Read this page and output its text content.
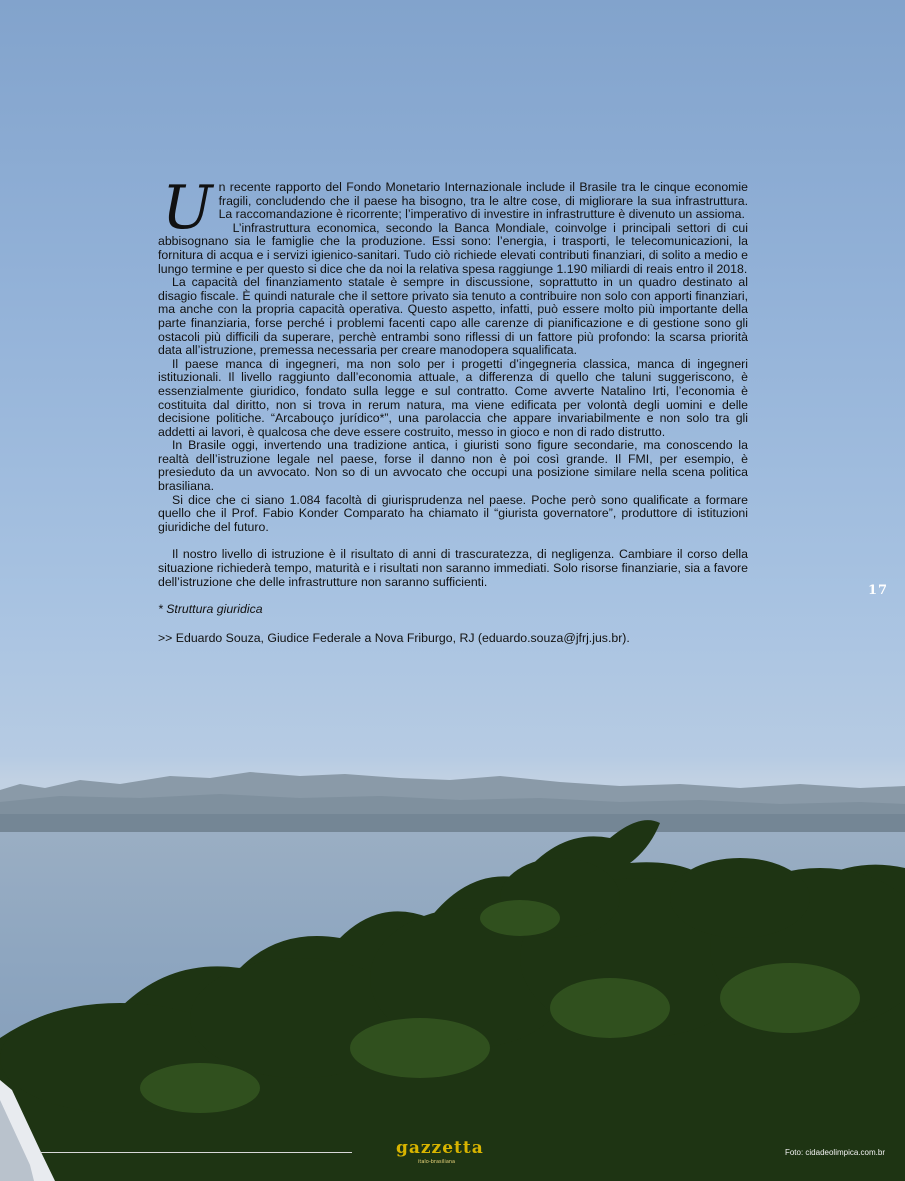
Un recente rapporto del Fondo Monetario Internazionale include il Brasile tra le cinque economie fragili, concludendo che il paese ha bisogno, tra le altre cose, di migliorare la sua infrastruttura. La raccomandazione è ricorrente; l’imperativo di investire in infrastrutture è divenuto un assioma.

L’infrastruttura economica, secondo la Banca Mondiale, coinvolge i principali settori di cui abbisognano sia le famiglie che la produzione. Essi sono: l’energia, i trasporti, le telecomunicazioni, la fornitura di acqua e i servizi igienico-sanitari. Tudo ciò richiede elevati contributi finanziari, di solito a medio e lungo termine e per questo si dice che da noi la relativa spesa raggiunge 1.190 miliardi di reais entro il 2018.

La capacità del finanziamento statale è sempre in discussione, soprattutto in un quadro destinato al disagio fiscale. È quindi naturale che il settore privato sia tenuto a contribuire non solo con apporti finanziari, ma anche con la propria capacità operativa. Questo aspetto, infatti, può essere molto più importante della parte finanziaria, forse perché i problemi facenti capo alle carenze di pianificazione e di gestione sono gli ostacoli più difficili da superare, perchè entrambi sono riflessi di un fattore più profondo: la scarsa priorità data all’istruzione, premessa necessaria per creare manodopera squalificata.

Il paese manca di ingegneri, ma non solo per i progetti d’ingegneria classica, manca di ingegneri istituzionali. Il livello raggiunto dall’economia attuale, a differenza di quello che taluni suggeriscono, è essenzialmente giuridico, fondato sulla legge e sul contratto. Come avverte Natalino Irti, l’economia è costituita dal diritto, non si trova in rerum natura, ma viene edificata per volontà degli uomini e delle decisione politiche. “Arcabouço jurídico*”, una parolaccia che appare invariabilmente e non solo tra gli addetti ai lavori, è qualcosa che deve essere costruito, messo in gioco e non di rado distrutto.

In Brasile oggi, invertendo una tradizione antica, i giuristi sono figure secondarie, ma conoscendo la realtà dell’istruzione legale nel paese, forse il danno non è poi così grande. Il FMI, per esempio, è presieduto da un avvocato. Non so di un avvocato che occupi una posizione similare nella scena politica brasiliana.

Si dice che ci siano 1.084 facoltà di giurisprudenza nel paese. Poche però sono qualificate a formare quello che il Prof. Fabio Konder Comparato ha chiamato il “giurista governatore”, produttore di istituzioni giuridiche del futuro.

Il nostro livello di istruzione è il risultato di anni di trascuratezza, di negligenza. Cambiare il corso della situazione richiederà tempo, maturità e i risultati non saranno immediati. Solo risorse finanziarie, sia a favore dell’istruzione che delle infrastrutture non saranno sufficienti.

* Struttura giuridica
>> Eduardo Souza, Giudice Federale a Nova Friburgo, RJ (eduardo.souza@jfrj.jus.br).
17
gazzetta
italo-brasiliana
Foto: cidadeolimpica.com.br
